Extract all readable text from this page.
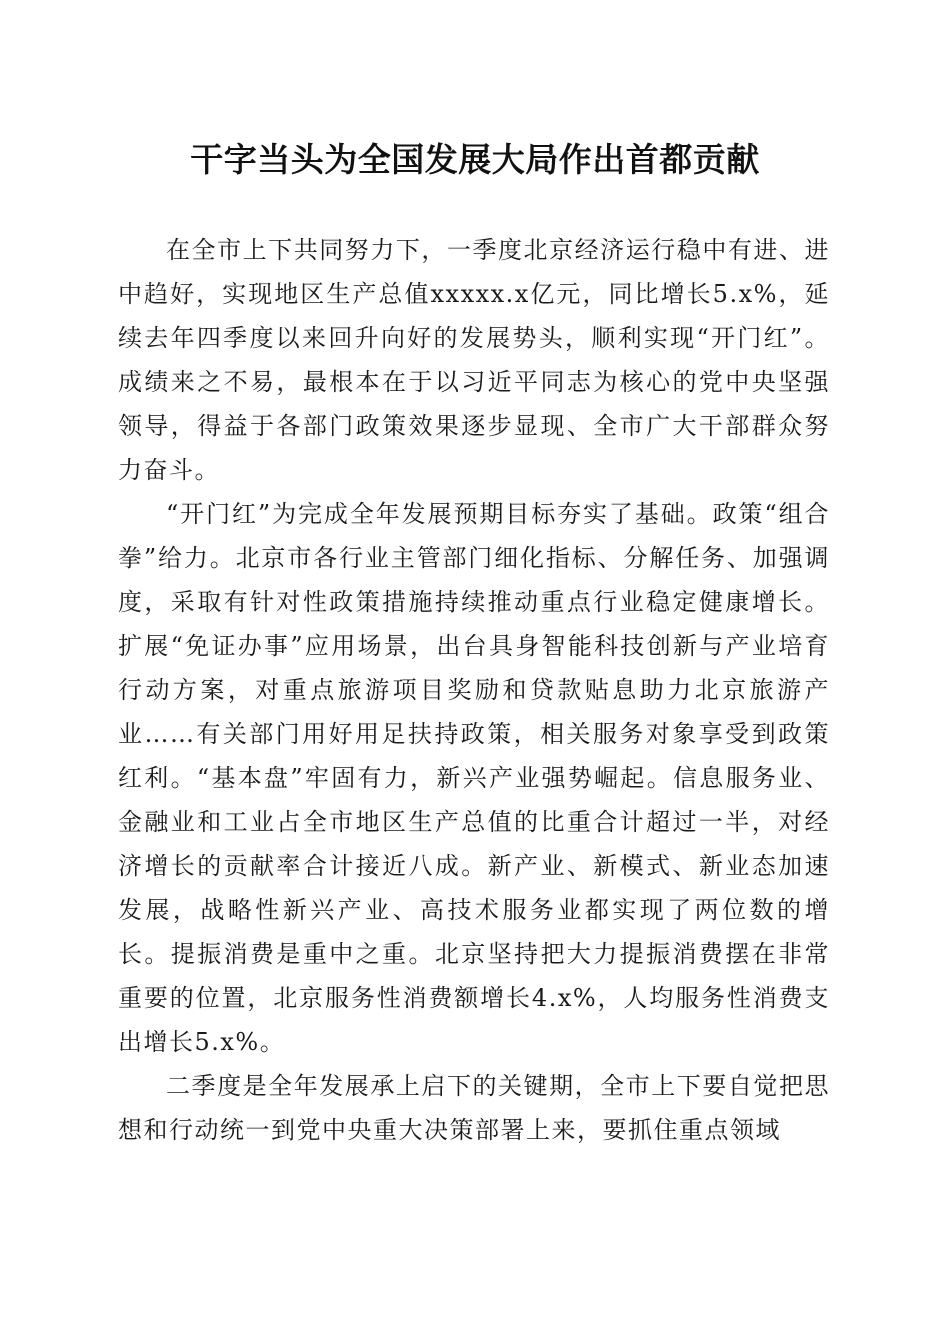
干字当头为全国发展大局作出首都贡献

在全市上下共同努力下，一季度北京经济运行稳中有进、进中趋好，实现地区生产总值xxxxx.x亿元，同比增长5.x%，延续去年四季度以来回升向好的发展势头，顺利实现“开门红”。成绩来之不易，最根本在于以习近平同志为核心的党中央坚强领导，得益于各部门政策效果逐步显现、全市广大干部群众努力奋斗。

“开门红”为完成全年发展预期目标夯实了基础。政策“组合拳”给力。北京市各行业主管部门细化指标、分解任务、加强调度，采取有针对性政策措施持续推动重点行业稳定健康增长。扩展“免证办事”应用场景，出台具身智能科技创新与产业培育行动方案，对重点旅游项目奖励和贷款贴息助力北京旅游产业……有关部门用好用足扶持政策，相关服务对象享受到政策红利。“基本盘”牢固有力，新兴产业强势崛起。信息服务业、金融业和工业占全市地区生产总值的比重合计超过一半，对经济增长的贡献率合计接近八成。新产业、新模式、新业态加速发展，战略性新兴产业、高技术服务业都实现了两位数的增长。提振消费是重中之重。北京坚持把大力提振消费摆在非常重要的位置，北京服务性消费额增长4.x%，人均服务性消费支出增长5.x%。

二季度是全年发展承上启下的关键期，全市上下要自觉把思想和行动统一到党中央重大决策部署上来，要抓住重点领域
